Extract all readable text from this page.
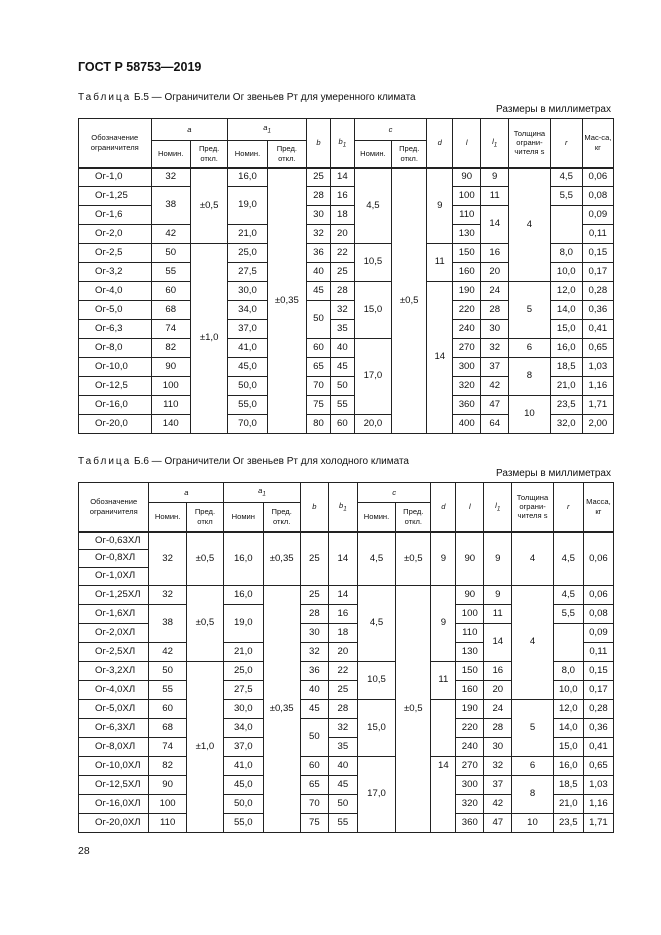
ГОСТ Р 58753—2019
Таблица Б.5 — Ограничители Ог звеньев Рт для умеренного климата
Размеры в миллиметрах
Обозначение ограничителя	a		$a_1$		b	$b_1$	c		d	l	$l_1$	Толщина ограни-чителя s	r	Мас-са, кг
	Номин.	Пред. откл.	Номин.	Пред. откл.			Номин.	Пред. откл.						
Ог-1,0	32	±0,5	16,0	±0,35	25	14	4,5	±0,5	9	90	9	4	4,5	0,06
Ог-1,25	38		19,0		28	16				100	11		5,5	0,08
Ог-1,6					30	18				110	14			0,09
Ог-2,0	42		21,0		32	20				130				0,11
Ог-2,5	50	±1,0	25,0		36	22	10,5		11	150	16		8,0	0,15
Ог-3,2	55		27,5		40	25				160	20		10,0	0,17
Ог-4,0	60		30,0		45	28	15,0		14	190	24	5	12,0	0,28
Ог-5,0	68		34,0		50	32				220	28		14,0	0,36
Ог-6,3	74		37,0			35				240	30		15,0	0,41
Ог-8,0	82		41,0		60	40	17,0			270	32	6	16,0	0,65
Ог-10,0	90		45,0		65	45				300	37	8	18,5	1,03
Ог-12,5	100		50,0		70	50				320	42		21,0	1,16
Ог-16,0	110		55,0		75	55				360	47	10	23,5	1,71
Ог-20,0	140		70,0		80	60	20,0			400	64		32,0	2,00
Таблица Б.6 — Ограничители Ог звеньев Рт для холодного климата
Размеры в миллиметрах
Обозначение ограничителя	a		$a_1$		b	$b_1$	c		d	l	$l_1$	Толщина ограни-чителя s	r	Масса, кг
	Номин.	Пред. откл	Номин	Пред. откл.			Номин.	Пред. откл.						
Ог-0,63ХЛ	32	±0,5	16,0	±0,35	25	14	4,5	±0,5	9	90	9	4	4,5	0,06
Ог-0,8ХЛ														
Ог-1,0ХЛ														
Ог-1,25ХЛ	32	±0,5	16,0	±0,35	25	14	4,5	±0,5	9	90	9	4	4,5	0,06
Ог-1,6ХЛ	38		19,0		28	16				100	11		5,5	0,08
Ог-2,0ХЛ					30	18				110	14			0,09
Ог-2,5ХЛ	42		21,0		32	20				130				0,11
Ог-3,2ХЛ	50	±1,0	25,0		36	22	10,5		11	150	16		8,0	0,15
Ог-4,0ХЛ	55		27,5		40	25				160	20		10,0	0,17
Ог-5,0ХЛ	60		30,0		45	28	15,0			190	24	5	12,0	0,28
Ог-6,3ХЛ	68		34,0		50	32				220	28		14,0	0,36
Ог-8,0ХЛ	74		37,0			35				240	30		15,0	0,41
Ог-10,0ХЛ	82		41,0		60	40	17,0		14	270	32	6	16,0	0,65
Ог-12,5ХЛ	90		45,0		65	45				300	37	8	18,5	1,03
Ог-16,0ХЛ	100		50,0		70	50				320	42		21,0	1,16
Ог-20,0ХЛ	110		55,0		75	55				360	47	10	23,5	1,71
28
